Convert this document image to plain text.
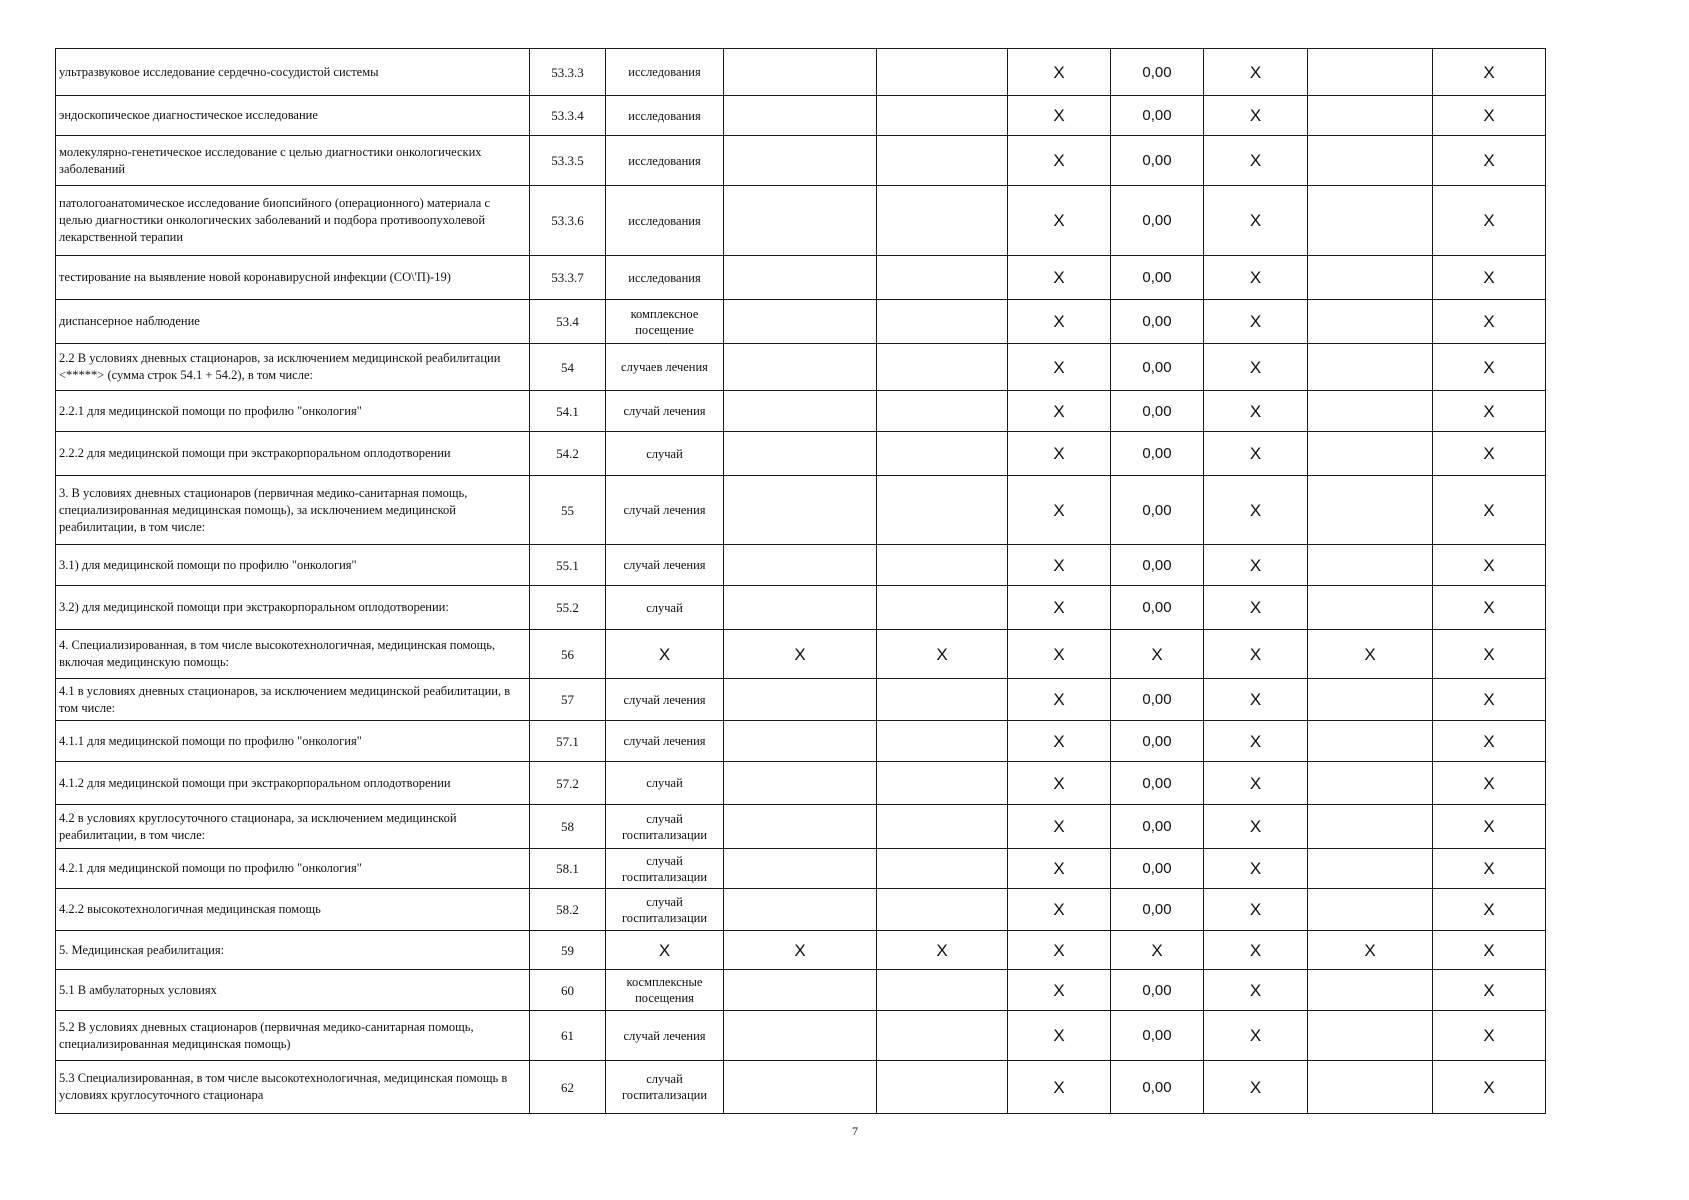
ультразвуковое исследование сердечно-сосудистой системы	53.3.3	исследования			X	0,00	X		X
эндоскопическое диагностическое исследование	53.3.4	исследования			X	0,00	X		X
молекулярно-генетическое исследование с целью диагностики онкологических заболеваний	53.3.5	исследования			X	0,00	X		X
патологоанатомическое исследование биопсийного (операционного) материала с целью диагностики онкологических заболеваний и подбора противоопухолевой лекарственной терапии	53.3.6	исследования			X	0,00	X		X
тестирование на выявление новой коронавирусной инфекции (CO\'П)-19)	53.3.7	исследования			X	0,00	X		X
диспансерное наблюдение	53.4	комплексное посещение			X	0,00	X		X
2.2 В условиях дневных стационаров, за исключением медицинской реабилитации <*****> (сумма строк 54.1 + 54.2), в том числе:	54	случаев лечения			X	0,00	X		X
2.2.1 для медицинской помощи по профилю "онкология"	54.1	случай лечения			X	0,00	X		X
2.2.2 для медицинской помощи при экстракорпоральном оплодотворении	54.2	случай			X	0,00	X		X
3. В условиях дневных стационаров (первичная медико-санитарная помощь, специализированная медицинская помощь), за исключением медицинской реабилитации, в том числе:	55	случай лечения			X	0,00	X		X
3.1) для медицинской помощи по профилю "онкология"	55.1	случай лечения			X	0,00	X		X
3.2) для медицинской помощи при экстракорпоральном оплодотворении:	55.2	случай			X	0,00	X		X
4. Специализированная, в том числе высокотехнологичная, медицинская помощь, включая медицинскую помощь:	56	X	X	X	X	X	X	X	X
4.1 в условиях дневных стационаров, за исключением медицинской реабилитации, в том числе:	57	случай лечения			X	0,00	X		X
4.1.1 для медицинской помощи по профилю "онкология"	57.1	случай лечения			X	0,00	X		X
4.1.2 для медицинской помощи при экстракорпоральном оплодотворении	57.2	случай			X	0,00	X		X
4.2 в условиях круглосуточного стационара, за исключением медицинской реабилитации, в том числе:	58	случай госпитализации			X	0,00	X		X
4.2.1 для медицинской помощи по профилю "онкология"	58.1	случай госпитализации			X	0,00	X		X
4.2.2 высокотехнологичная медицинская помощь	58.2	случай госпитализации			X	0,00	X		X
5. Медицинская реабилитация:	59	X	X	X	X	X	X	X	X
5.1 В амбулаторных условиях	60	космплексные посещения			X	0,00	X		X
5.2 В условиях дневных стационаров (первичная медико-санитарная помощь, специализированная медицинская помощь)	61	случай лечения			X	0,00	X		X
5.3 Специализированная, в том числе высокотехнологичная, медицинская помощь в условиях круглосуточного стационара	62	случай госпитализации			X	0,00	X		X
7
